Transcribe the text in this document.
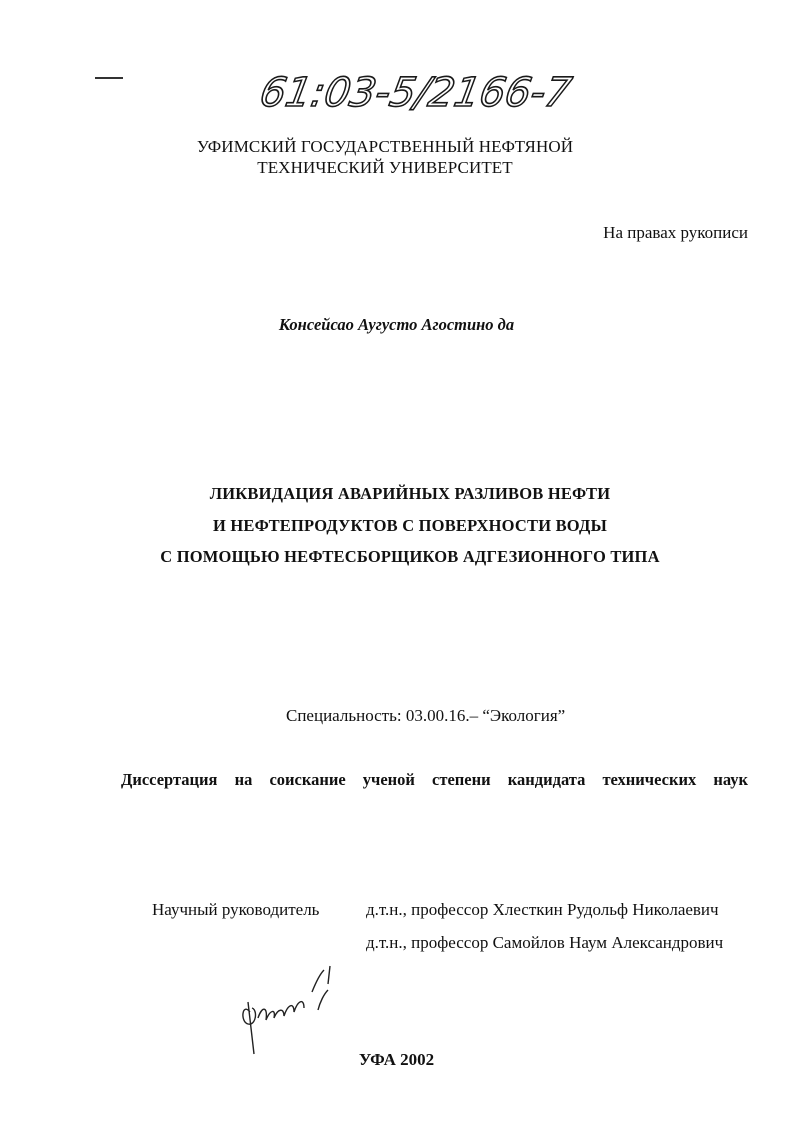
61:03-5/2166-7
УФИМСКИЙ ГОСУДАРСТВЕННЫЙ НЕФТЯНОЙ
ТЕХНИЧЕСКИЙ УНИВЕРСИТЕТ
На правах рукописи
Консейсао Аугусто Агостино да
ЛИКВИДАЦИЯ АВАРИЙНЫХ РАЗЛИВОВ НЕФТИ
И НЕФТЕПРОДУКТОВ С ПОВЕРХНОСТИ ВОДЫ
С ПОМОЩЬЮ НЕФТЕСБОРЩИКОВ АДГЕЗИОННОГО ТИПА
Специальность: 03.00.16.– “Экология”
Диссертация на соискание ученой степени кандидата технических наук
Научный руководитель	д.т.н., профессор Хлесткин Рудольф Николаевич
д.т.н., профессор Самойлов Наум Александрович
УФА 2002
